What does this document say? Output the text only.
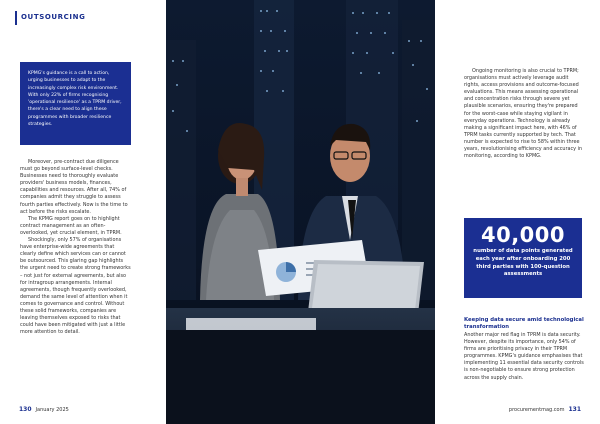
OUTSOURCING

KPMG's guidance is a call to action, urging businesses to adapt to the increasingly complex risk environment. With only 22% of firms recognising 'operational resilience' as a TPRM driver, there's a clear need to align these programmes with broader resilience strategies.

Moreover, pre-contract due diligence must go beyond surface-level checks. Businesses need to thoroughly evaluate providers' business models, finances, capabilities and resources. After all, 74% of companies admit they struggle to assess fourth parties effectively. Now is the time to act before the risks escalate.

The KPMG report goes on to highlight contract management as an often-overlooked, yet crucial element, in TPRM.

Shockingly, only 57% of organisations have enterprise-wide agreements that clearly define which services can or cannot be outsourced. This glaring gap highlights the urgent need to create strong frameworks – not just for external agreements, but also for intragroup arrangements. Internal agreements, though frequently overlooked, demand the same level of attention when it comes to governance and control. Without these solid frameworks, companies are leaving themselves exposed to risks that could have been mitigated with just a little more attention to detail.

130 January 2025	procurementmag.com 131

Ongoing monitoring is also crucial to TPRM; organisations must actively leverage audit rights, access provisions and outcome-focused evaluations. This means assessing operational and concentration risks through severe yet plausible scenarios, ensuring they're prepared for the worst-case while staying vigilant in everyday operations. Technology is already making a significant impact here, with 46% of TPRM tasks currently supported by tech. That number is expected to rise to 58% within three years, revolutionising efficiency and accuracy in monitoring, according to KPMG.

40,000
number of data points generated each year after onboarding 200 third parties with 100-question assessments
Keeping data secure amid technological transformation

Another major red flag in TPRM is data security. However, despite its importance, only 54% of firms are prioritising privacy in their TPRM programmes. KPMG's guidance emphasises that implementing 11 essential data security controls is non-negotiable to ensure strong protection across the supply chain.
